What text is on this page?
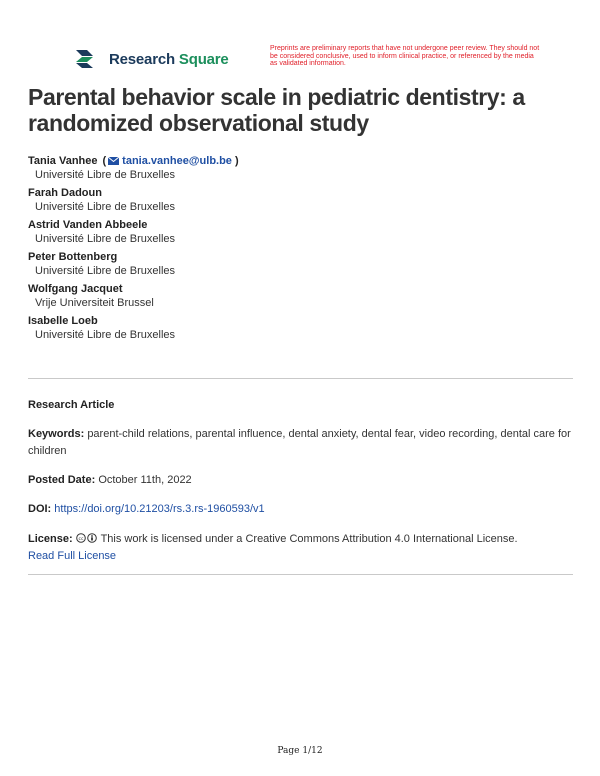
Research Square
Preprints are preliminary reports that have not undergone peer review. They should not be considered conclusive, used to inform clinical practice, or referenced by the media as validated information.
Parental behavior scale in pediatric dentistry: a randomized observational study
Tania Vanhee ( tania.vanhee@ulb.be )
Université Libre de Bruxelles
Farah Dadoun
Université Libre de Bruxelles
Astrid Vanden Abbeele
Université Libre de Bruxelles
Peter Bottenberg
Université Libre de Bruxelles
Wolfgang Jacquet
Vrije Universiteit Brussel
Isabelle Loeb
Université Libre de Bruxelles
Research Article
Keywords: parent-child relations, parental influence, dental anxiety, dental fear, video recording, dental care for children
Posted Date: October 11th, 2022
DOI: https://doi.org/10.21203/rs.3.rs-1960593/v1
License: cc This work is licensed under a Creative Commons Attribution 4.0 International License.
Read Full License
Page 1/12
